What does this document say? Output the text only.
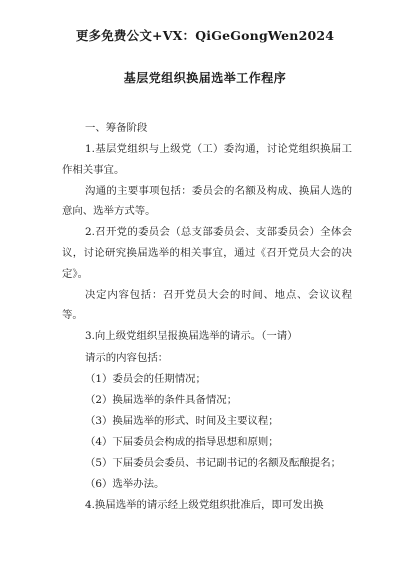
更多免费公文+VX：QiGeGongWen2024
基层党组织换届选举工作程序

一、筹备阶段

1.基层党组织与上级党（工）委沟通，讨论党组织换届工作相关事宜。

沟通的主要事项包括：委员会的名额及构成、换届人选的意向、选举方式等。

2.召开党的委员会（总支部委员会、支部委员会）全体会议，讨论研究换届选举的相关事宜，通过《召开党员大会的决定》。

决定内容包括：召开党员大会的时间、地点、会议议程等。

3.向上级党组织呈报换届选举的请示。（一请）

请示的内容包括：

（1）委员会的任期情况；

（2）换届选举的条件具备情况；

（3）换届选举的形式、时间及主要议程；

（4）下届委员会构成的指导思想和原则；

（5）下届委员会委员、书记副书记的名额及酝酿提名；

（6）选举办法。

4.换届选举的请示经上级党组织批准后，即可发出换
